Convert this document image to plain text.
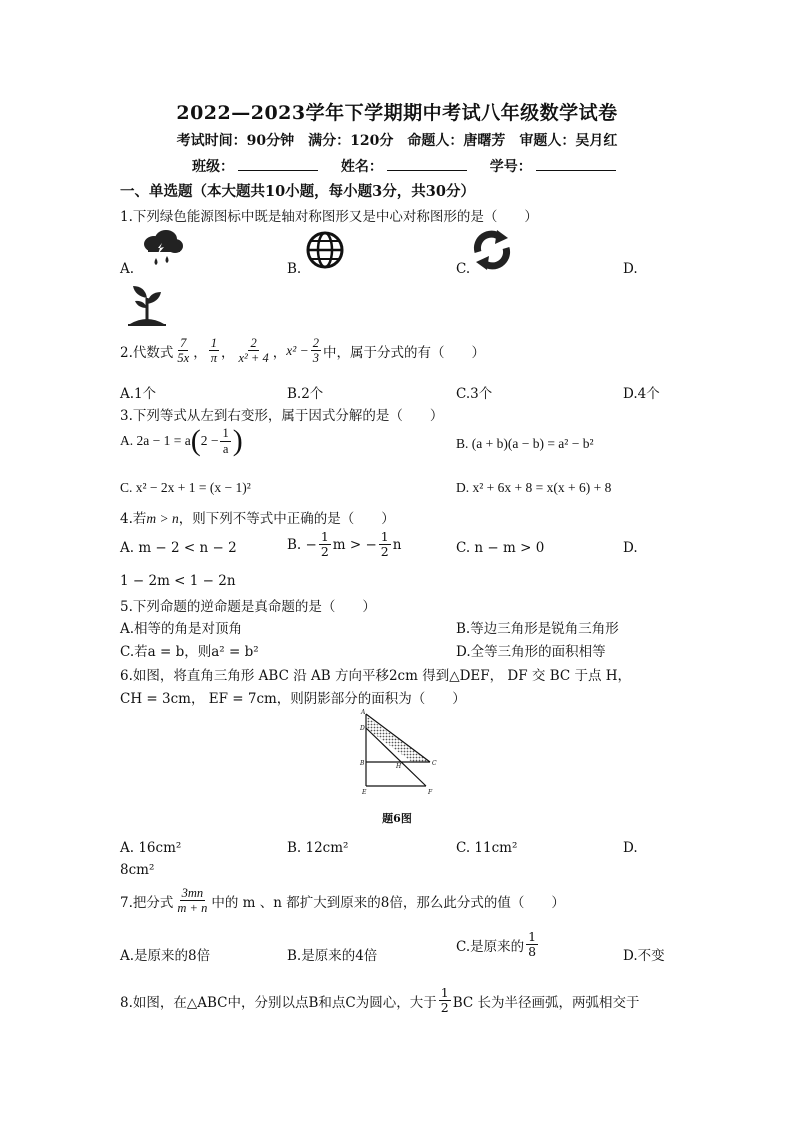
2022—2023学年下学期期中考试八年级数学试卷
考试时间：90分钟　满分：120分　命题人：唐曙芳　审题人：吴月红
班级：	姓名：	学号：
一、单选题（本大题共10小题，每小题3分，共30分）
1.下列绿色能源图标中既是轴对称图形又是中心对称图形的是（　　）
A.	B.	C.	D.
2.代数式 $\frac{7}{5x}$ ， $\frac{1}{\pi}$ ， $\frac{2}{\text{x² + 4}}$ ， $x^2 - \frac{2}{3}$ 中，属于分式的有（　　）
A.1个	B.2个	C.3个	D.4个
3.下列等式从左到右变形，属于因式分解的是（　　）
A. 2a − 1 = a ( $2 - \frac{1}{a}$ )	B. (a + b)(a − b) = a² − b²
C. x² − 2x + 1 = (x − 1)²	D. x² + 6x + 8 = x(x + 6) + 8
4.若m > n，则下列不等式中正确的是（　　）
A. m − 2 < n − 2	B. − $\frac{1}{2}$ m > − $\frac{1}{2}$ n	C. n − m > 0	D.
1 − 2m < 1 − 2n
5.下列命题的逆命题是真命题的是（　　）
A.相等的角是对顶角	B.等边三角形是锐角三角形
C.若a = b，则a² = b²	D.全等三角形的面积相等
6.如图，将直角三角形 ABC 沿 AB 方向平移2cm 得到△DEF， DF 交 BC 于点 H，
CH = 3cm， EF = 7cm，则阴影部分的面积为（　　）
A
D
B	H	C
E	F
题6图
A. 16cm²	B. 12cm²	C. 11cm²	D.
8cm²
7.把分式 $\frac{3mn}{m + n}$ 中的 m 、n 都扩大到原来的8倍，那么此分式的值（　　）
A.是原来的8倍	B.是原来的4倍
C.是原来的 $\frac{1}{8}$	D.不变
8.如图，在△ABC中，分别以点B和点C为圆心，大于 $\frac{1}{2}$ BC 长为半径画弧，两弧相交于
